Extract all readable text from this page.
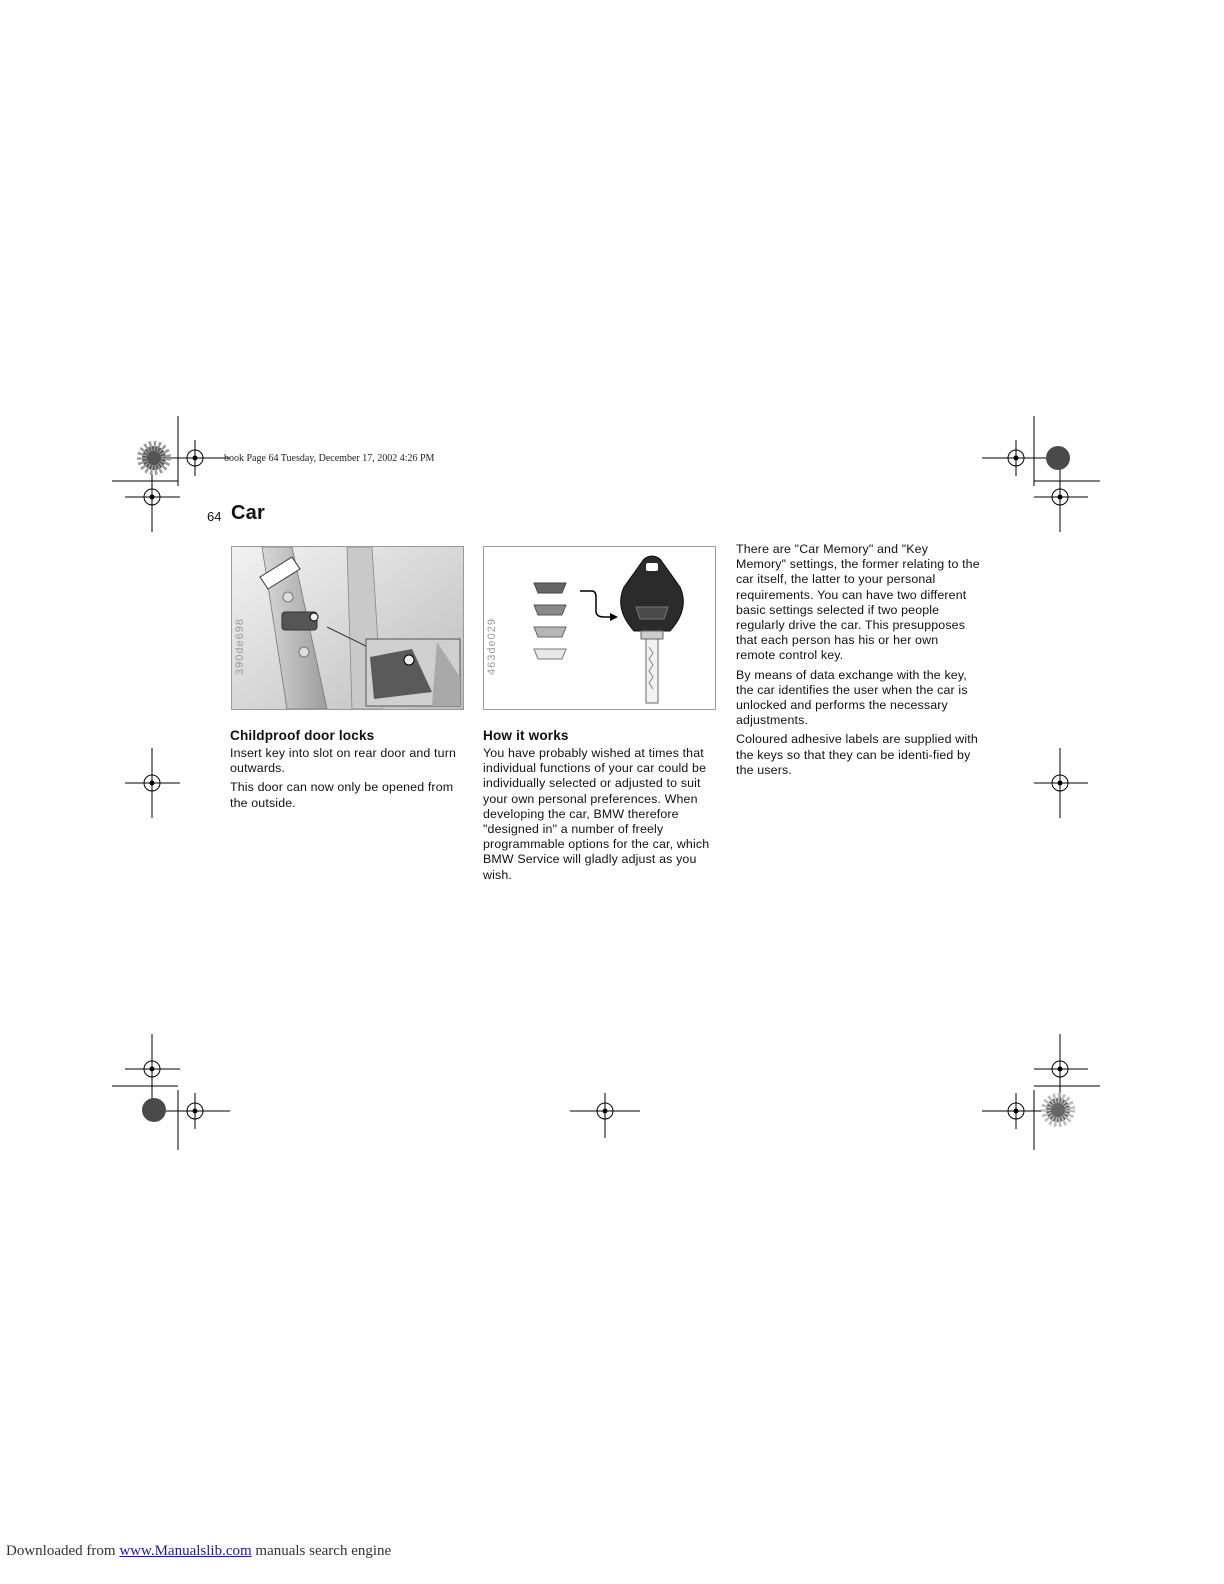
book Page 64 Tuesday, December 17, 2002 4:26 PM
64 Car
390de698	463de029
Childproof door locks

Insert key into slot on rear door and turn outwards.

This door can now only be opened from the outside.

How it works

You have probably wished at times that individual functions of your car could be individually selected or adjusted to suit your own personal preferences. When developing the car, BMW therefore "designed in" a number of freely programmable options for the car, which BMW Service will gladly adjust as you wish.

There are "Car Memory" and "Key Memory" settings, the former relating to the car itself, the latter to your personal requirements. You can have two different basic settings selected if two people regularly drive the car. This presupposes that each person has his or her own remote control key.

By means of data exchange with the key, the car identifies the user when the car is unlocked and performs the necessary adjustments.

Coloured adhesive labels are supplied with the keys so that they can be identi-fied by the users.

Downloaded from www.Manualslib.com manuals search engine
